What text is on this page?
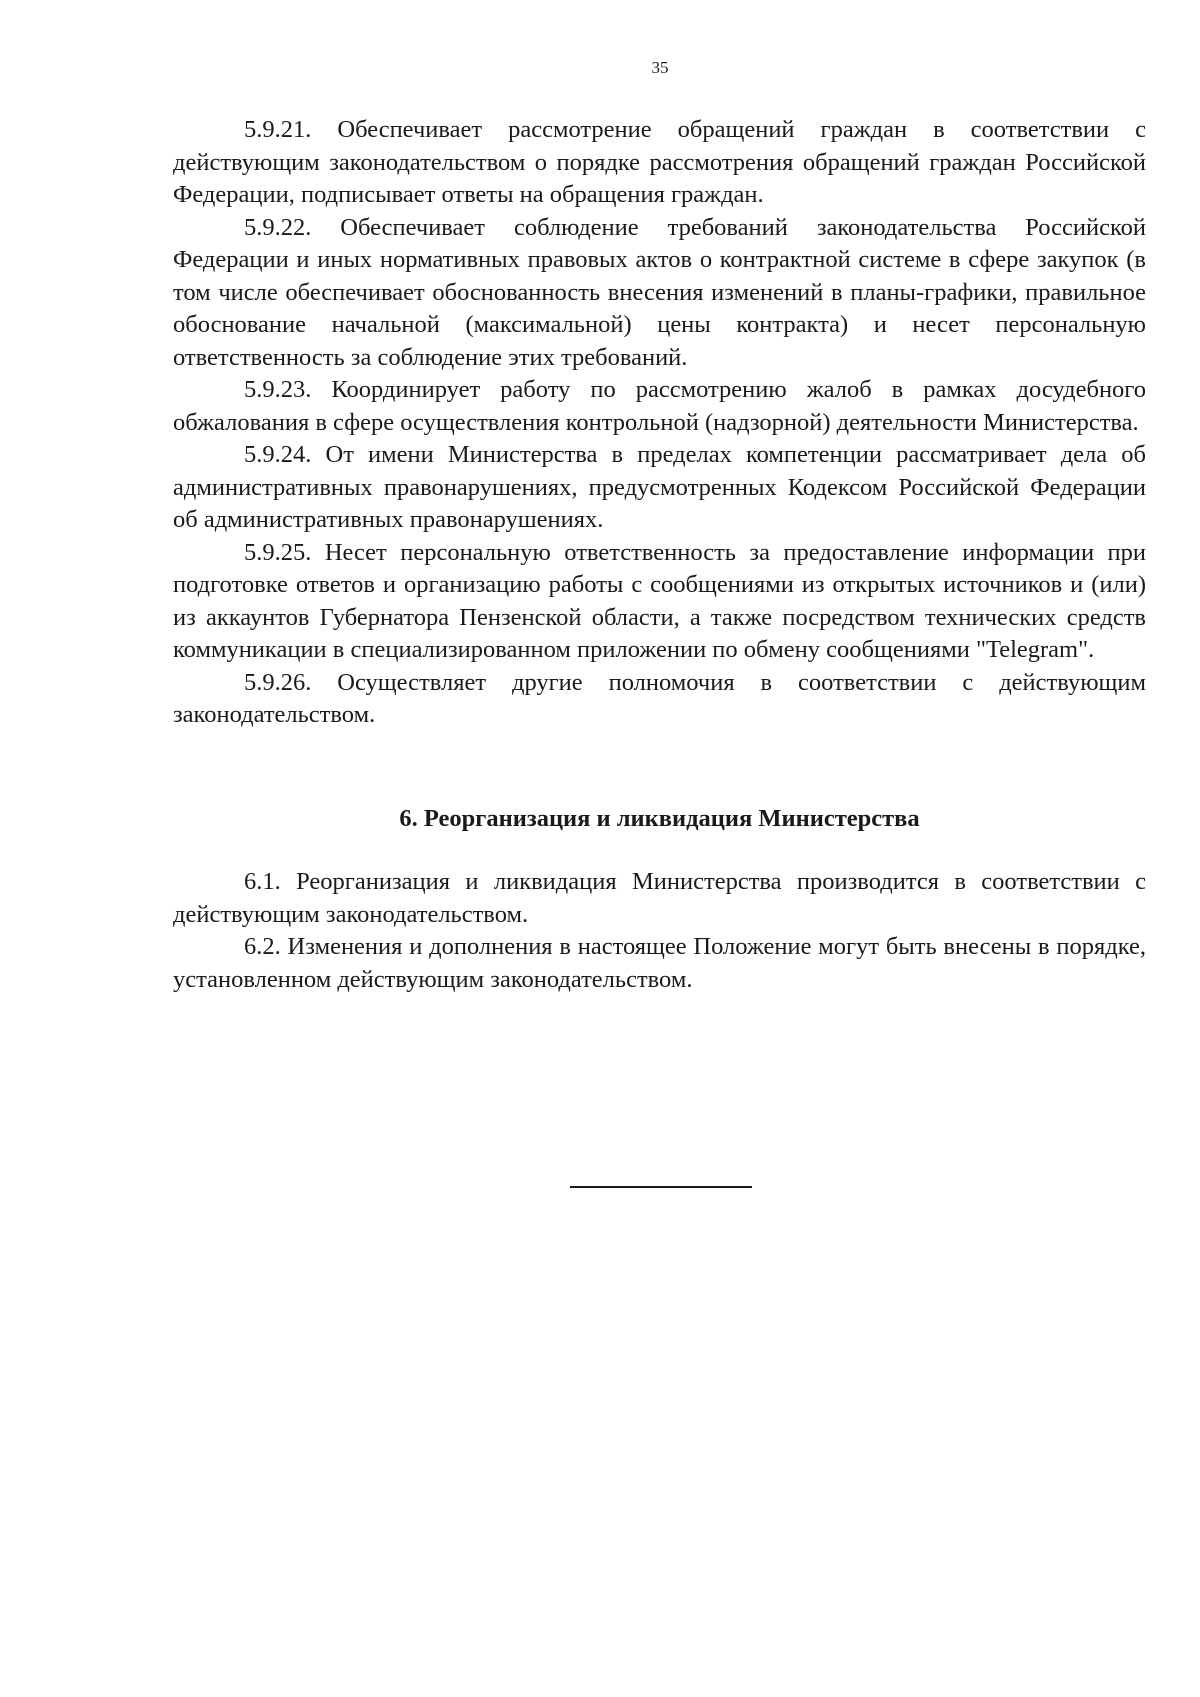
35

5.9.21. Обеспечивает рассмотрение обращений граждан в соответствии с действующим законодательством о порядке рассмотрения обращений граждан Российской Федерации, подписывает ответы на обращения граждан.

5.9.22. Обеспечивает соблюдение требований законодательства Российской Федерации и иных нормативных правовых актов о контрактной системе в сфере закупок (в том числе обеспечивает обоснованность внесения изменений в планы-графики, правильное обоснование начальной (максимальной) цены контракта) и несет персональную ответственность за соблюдение этих требований.

5.9.23. Координирует работу по рассмотрению жалоб в рамках досудебного обжалования в сфере осуществления контрольной (надзорной) деятельности Министерства.

5.9.24. От имени Министерства в пределах компетенции рассматривает дела об административных правонарушениях, предусмотренных Кодексом Российской Федерации об административных правонарушениях.

5.9.25. Несет персональную ответственность за предоставление информации при подготовке ответов и организацию работы с сообщениями из открытых источников и (или) из аккаунтов Губернатора Пензенской области, а также посредством технических средств коммуникации в специализированном приложении по обмену сообщениями "Telegram".

5.9.26. Осуществляет другие полномочия в соответствии с действующим законодательством.

6. Реорганизация и ликвидация Министерства

6.1. Реорганизация и ликвидация Министерства производится в соответствии с действующим законодательством.

6.2. Изменения и дополнения в настоящее Положение могут быть внесены в порядке, установленном действующим законодательством.
